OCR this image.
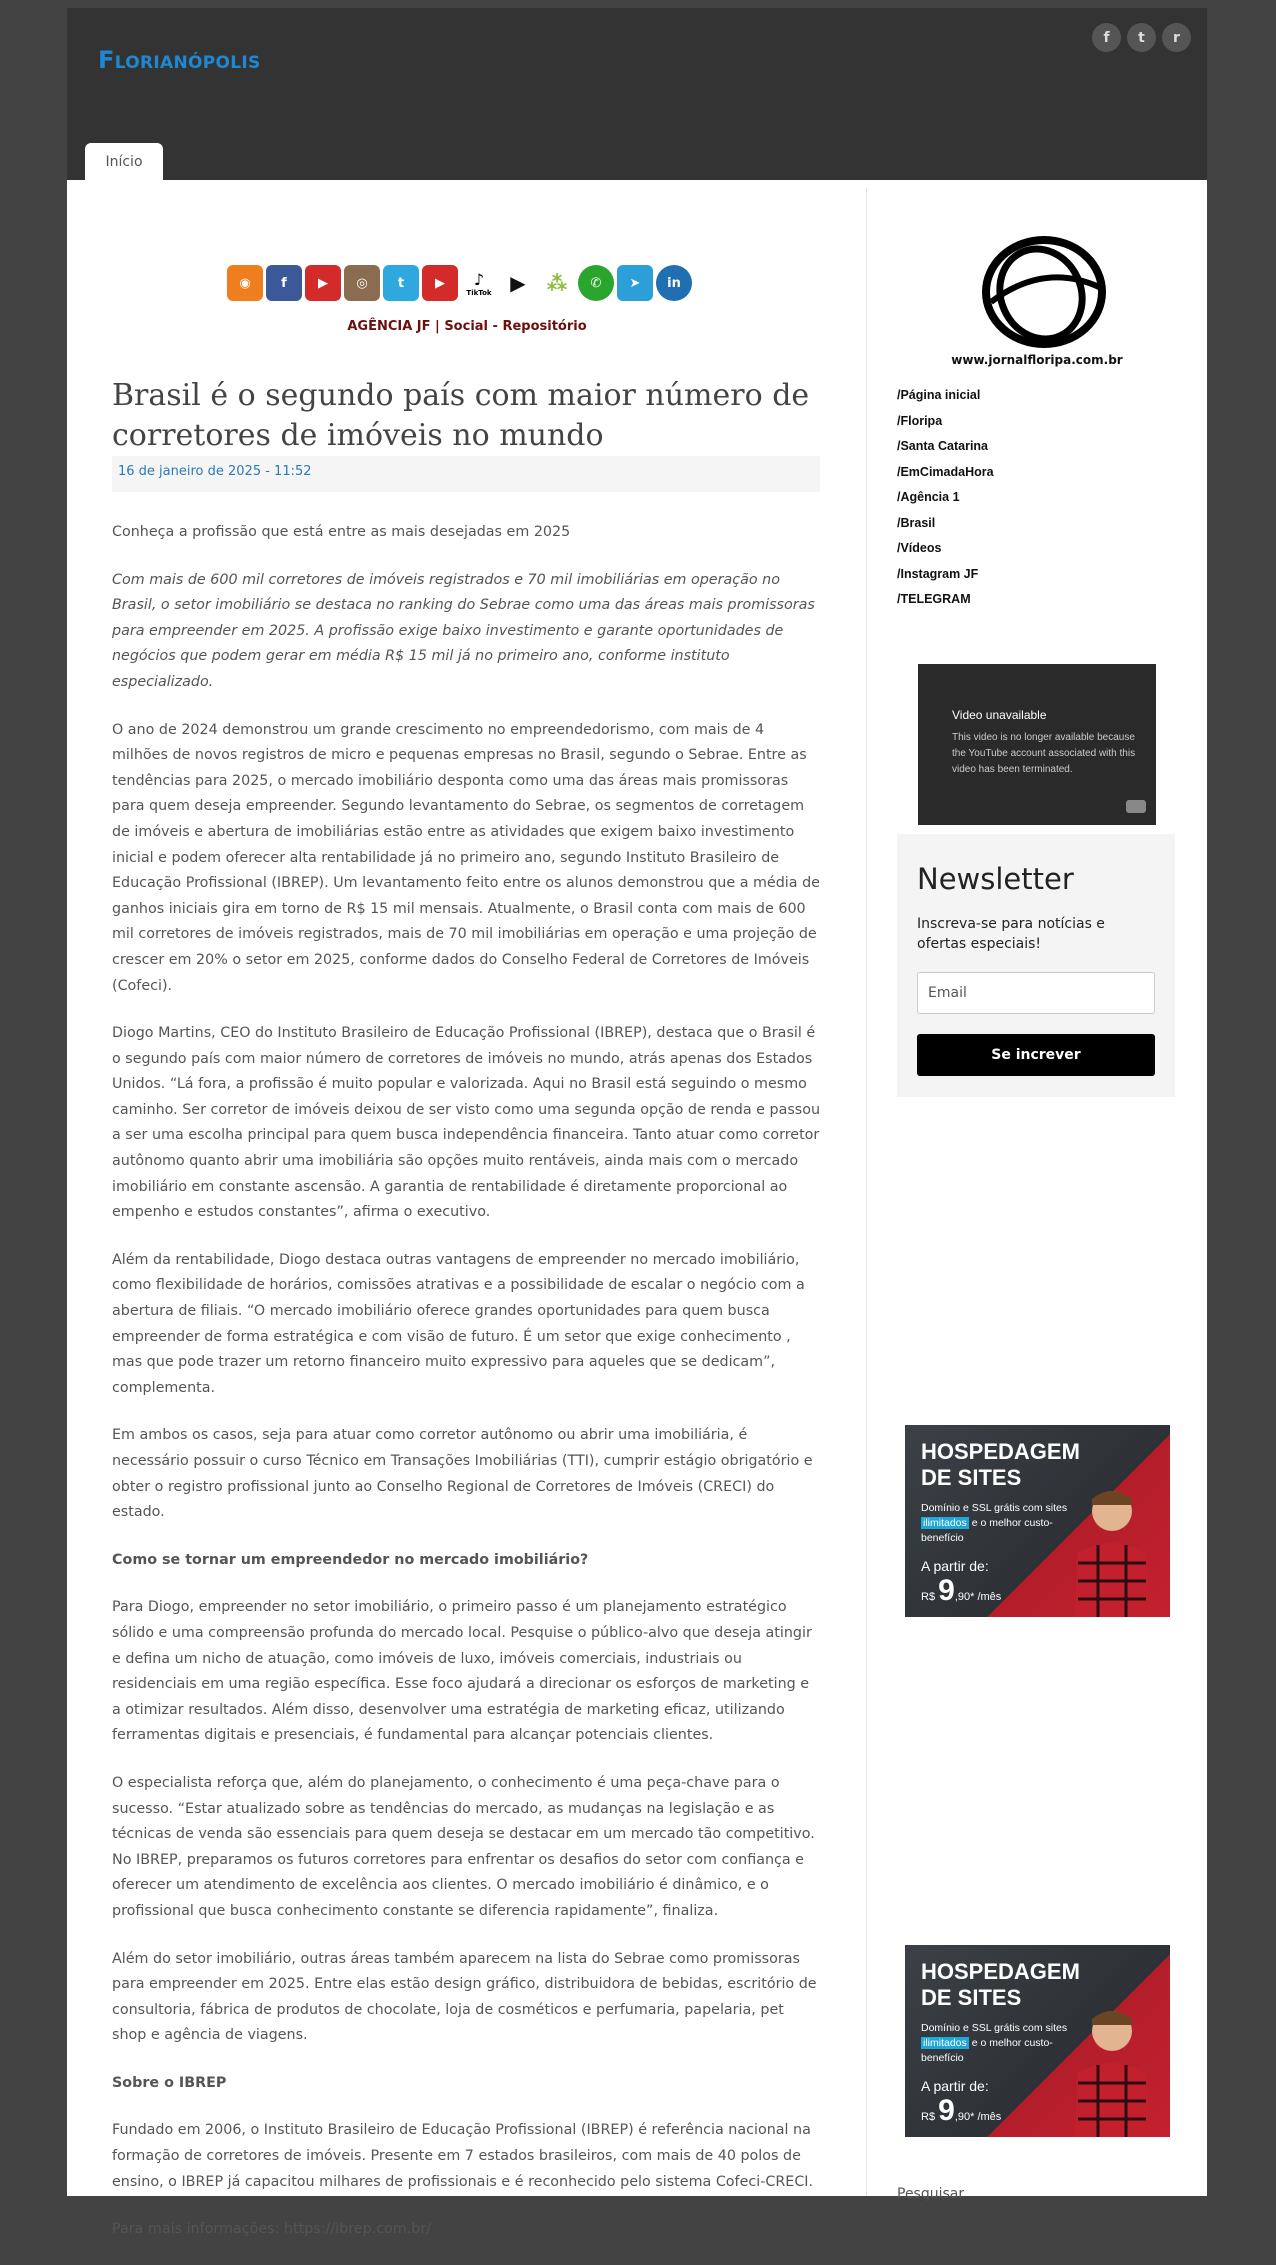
Florianópolis
f	t	r
Início
◉	f	▶	◎	t	▶	♪
TikTok ▶	⁂	✆	➤	in
AGÊNCIA JF | Social - Repositório
Brasil é o segundo país com maior número de corretores de imóveis no mundo
16 de janeiro de 2025 - 11:52

Conheça a profissão que está entre as mais desejadas em 2025

Com mais de 600 mil corretores de imóveis registrados e 70 mil imobiliárias em operação no Brasil, o setor imobiliário se destaca no ranking do Sebrae como uma das áreas mais promissoras para empreender em 2025. A profissão exige baixo investimento e garante oportunidades de negócios que podem gerar em média R$ 15 mil já no primeiro ano, conforme instituto especializado.

O ano de 2024 demonstrou um grande crescimento no empreendedorismo, com mais de 4 milhões de novos registros de micro e pequenas empresas no Brasil, segundo o Sebrae. Entre as tendências para 2025, o mercado imobiliário desponta como uma das áreas mais promissoras para quem deseja empreender. Segundo levantamento do Sebrae, os segmentos de corretagem de imóveis e abertura de imobiliárias estão entre as atividades que exigem baixo investimento inicial e podem oferecer alta rentabilidade já no primeiro ano, segundo Instituto Brasileiro de Educação Profissional (IBREP). Um levantamento feito entre os alunos demonstrou que a média de ganhos iniciais gira em torno de R$ 15 mil mensais. Atualmente, o Brasil conta com mais de 600 mil corretores de imóveis registrados, mais de 70 mil imobiliárias em operação e uma projeção de crescer em 20% o setor em 2025, conforme dados do Conselho Federal de Corretores de Imóveis (Cofeci).

Diogo Martins, CEO do Instituto Brasileiro de Educação Profissional (IBREP), destaca que o Brasil é o segundo país com maior número de corretores de imóveis no mundo, atrás apenas dos Estados Unidos. “Lá fora, a profissão é muito popular e valorizada. Aqui no Brasil está seguindo o mesmo caminho. Ser corretor de imóveis deixou de ser visto como uma segunda opção de renda e passou a ser uma escolha principal para quem busca independência financeira. Tanto atuar como corretor autônomo quanto abrir uma imobiliária são opções muito rentáveis, ainda mais com o mercado imobiliário em constante ascensão. A garantia de rentabilidade é diretamente proporcional ao empenho e estudos constantes”, afirma o executivo.

Além da rentabilidade, Diogo destaca outras vantagens de empreender no mercado imobiliário, como flexibilidade de horários, comissões atrativas e a possibilidade de escalar o negócio com a abertura de filiais. “O mercado imobiliário oferece grandes oportunidades para quem busca empreender de forma estratégica e com visão de futuro. É um setor que exige conhecimento , mas que pode trazer um retorno financeiro muito expressivo para aqueles que se dedicam”, complementa.

Em ambos os casos, seja para atuar como corretor autônomo ou abrir uma imobiliária, é necessário possuir o curso Técnico em Transações Imobiliárias (TTI), cumprir estágio obrigatório e obter o registro profissional junto ao Conselho Regional de Corretores de Imóveis (CRECI) do estado.

Como se tornar um empreendedor no mercado imobiliário?

Para Diogo, empreender no setor imobiliário, o primeiro passo é um planejamento estratégico sólido e uma compreensão profunda do mercado local. Pesquise o público-alvo que deseja atingir e defina um nicho de atuação, como imóveis de luxo, imóveis comerciais, industriais ou residenciais em uma região específica. Esse foco ajudará a direcionar os esforços de marketing e a otimizar resultados. Além disso, desenvolver uma estratégia de marketing eficaz, utilizando ferramentas digitais e presenciais, é fundamental para alcançar potenciais clientes.

O especialista reforça que, além do planejamento, o conhecimento é uma peça-chave para o sucesso. “Estar atualizado sobre as tendências do mercado, as mudanças na legislação e as técnicas de venda são essenciais para quem deseja se destacar em um mercado tão competitivo. No IBREP, preparamos os futuros corretores para enfrentar os desafios do setor com confiança e oferecer um atendimento de excelência aos clientes. O mercado imobiliário é dinâmico, e o profissional que busca conhecimento constante se diferencia rapidamente”, finaliza.

Além do setor imobiliário, outras áreas também aparecem na lista do Sebrae como promissoras para empreender em 2025. Entre elas estão design gráfico, distribuidora de bebidas, escritório de consultoria, fábrica de produtos de chocolate, loja de cosméticos e perfumaria, papelaria, pet shop e agência de viagens.

Sobre o IBREP

Fundado em 2006, o Instituto Brasileiro de Educação Profissional (IBREP) é referência nacional na formação de corretores de imóveis. Presente em 7 estados brasileiros, com mais de 40 polos de ensino, o IBREP já capacitou milhares de profissionais e é reconhecido pelo sistema Cofeci-CRECI.

Para mais informações: https://ibrep.com.br/

www.jornalfloripa.com.br
/Página inicial
/Floripa
/Santa Catarina
/EmCimadaHora
/Agência 1
/Brasil
/Vídeos
/Instagram JF
/TELEGRAM
Video unavailable
This video is no longer available because the YouTube account associated with this video has been terminated.
Newsletter
Inscreva-se para notícias e ofertas especiais!
Email
Se increver
HOSPEDAGEM
DE SITES
Domínio e SSL grátis com sites ilimitados e o melhor custo-benefício
A partir de:
R$ 9,90* /mês
HOSPEDAGEM
DE SITES
Domínio e SSL grátis com sites ilimitados e o melhor custo-benefício
A partir de:
R$ 9,90* /mês
Pesquisar
